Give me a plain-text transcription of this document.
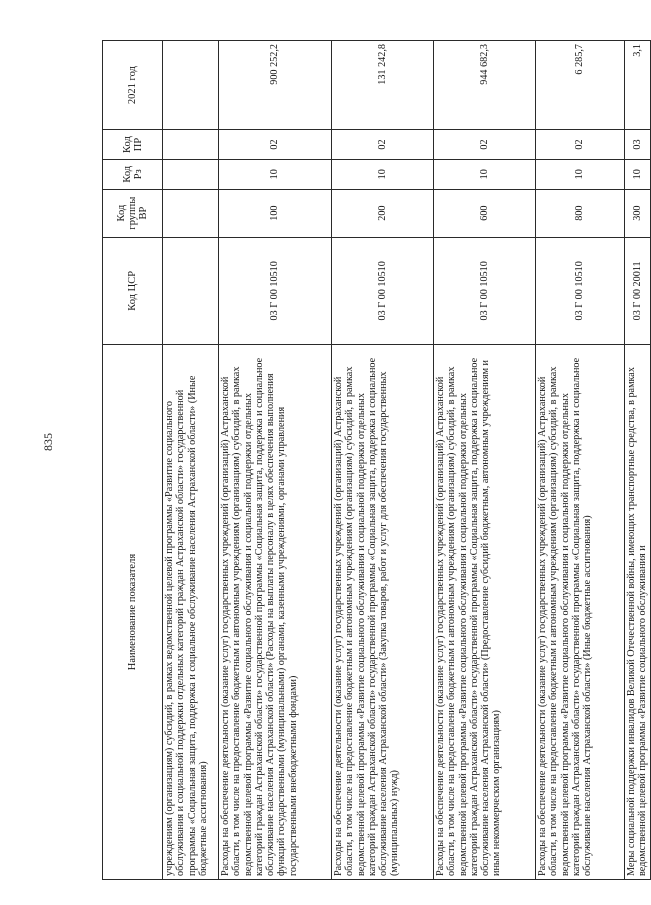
835
Наименование показателя	Код ЦСР	Код группы ВР	Код Рз	Код ПР	2021 год
учреждениям (организациям) субсидий, в рамках ведомственной целевой программы «Развитие социального обслуживания и социальной поддержки отдельных категорий граждан Астраханской области» государственной программы «Социальная защита, поддержка и социальное обслуживание населения Астраханской области» (Иные бюджетные ассигнования)					
Расходы на обеспечение деятельности (оказание услуг) государственных учреждений (организаций) Астраханской области, в том числе на предоставление бюджетным и автономным учреждениям (организациям) субсидий, в рамках ведомственной целевой программы «Развитие социального обслуживания и социальной поддержки отдельных категорий граждан Астраханской области» государственной программы «Социальная защита, поддержка и социальное обслуживание населения Астраханской области» (Расходы на выплаты персоналу в целях обеспечения выполнения функций государственными (муниципальными) органами, казенными учреждениями, органами управления государственными внебюджетными фондами)	03 Г 00 10510	100	10	02	900 252,2
Расходы на обеспечение деятельности (оказание услуг) государственных учреждений (организаций) Астраханской области, в том числе на предоставление бюджетным и автономным учреждениям (организациям) субсидий, в рамках ведомственной целевой программы «Развитие социального обслуживания и социальной поддержки отдельных категорий граждан Астраханской области» государственной программы «Социальная защита, поддержка и социальное обслуживание населения Астраханской области» (Закупка товаров, работ и услуг для обеспечения государственных (муниципальных) нужд)	03 Г 00 10510	200	10	02	131 242,8
Расходы на обеспечение деятельности (оказание услуг) государственных учреждений (организаций) Астраханской области, в том числе на предоставление бюджетным и автономным учреждениям (организациям) субсидий, в рамках ведомственной целевой программы «Развитие социального обслуживания и социальной поддержки отдельных категорий граждан Астраханской области» государственной программы «Социальная защита, поддержка и социальное обслуживание населения Астраханской области» (Предоставление субсидий бюджетным, автономным учреждениям и иным некоммерческим организациям)	03 Г 00 10510	600	10	02	944 682,3
Расходы на обеспечение деятельности (оказание услуг) государственных учреждений (организаций) Астраханской области, в том числе на предоставление бюджетным и автономным учреждениям (организациям) субсидий, в рамках ведомственной целевой программы «Развитие социального обслуживания и социальной поддержки отдельных категорий граждан Астраханской области» государственной программы «Социальная защита, поддержка и социальное обслуживание населения Астраханской области» (Иные бюджетные ассигнования)	03 Г 00 10510	800	10	02	6 285,7
Меры социальной поддержки инвалидов Великой Отечественной войны, имеющих транспортные средства, в рамках ведомственной целевой программы «Развитие социального обслуживания и	03 Г 00 20011	300	10	03	3,1
